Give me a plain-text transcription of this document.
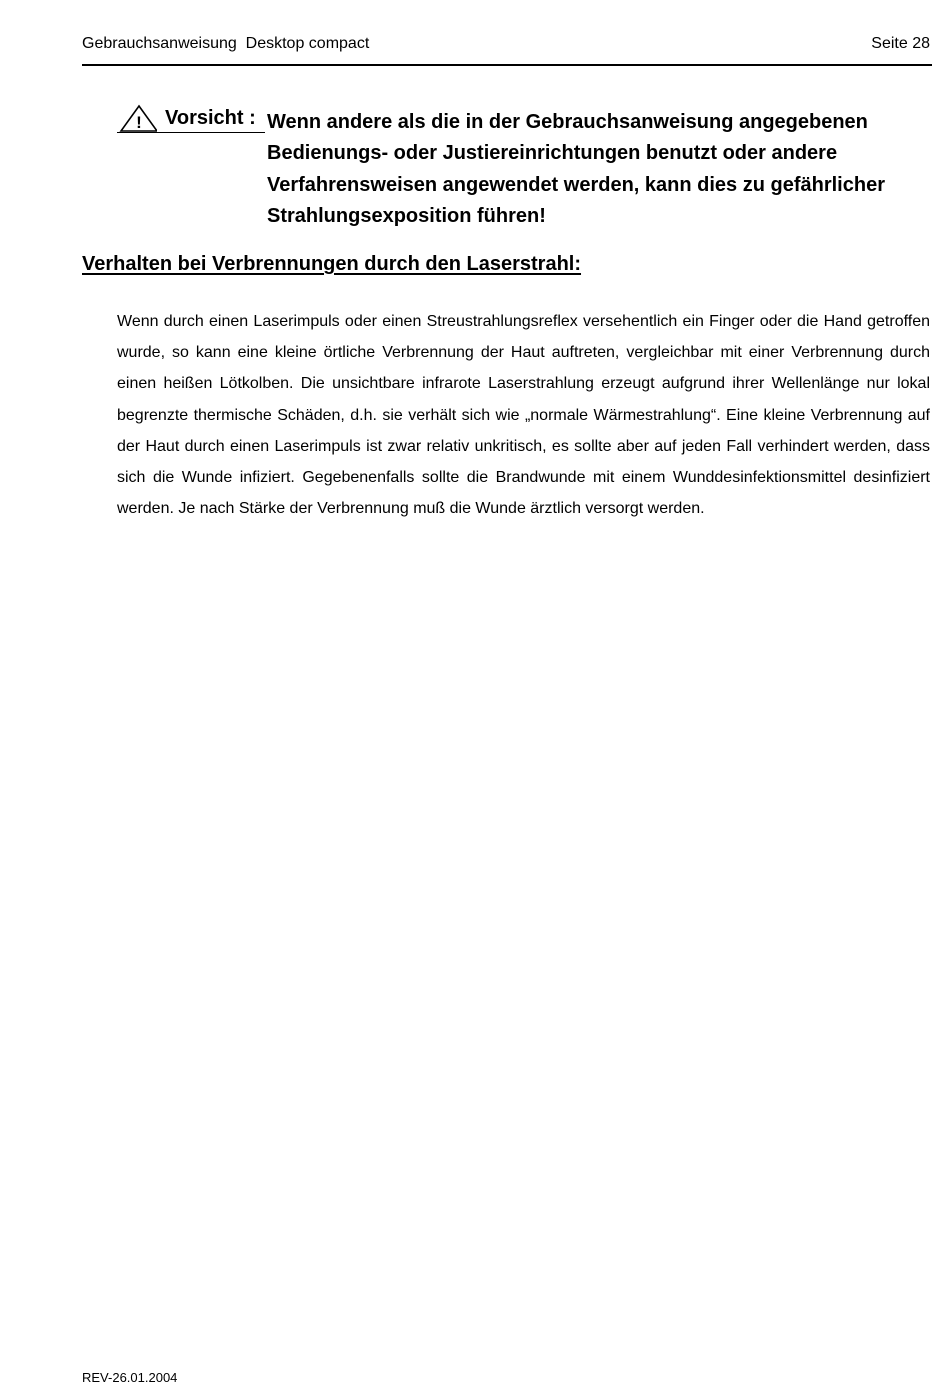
Gebrauchsanweisung  Desktop compact	Seite 28
! Vorsicht : Wenn andere als die in der Gebrauchsanweisung angegebenen Bedienungs- oder Justiereinrichtungen benutzt oder andere Verfahrensweisen angewendet werden, kann dies zu gefährlicher Strahlungsexposition führen!

Verhalten bei Verbrennungen durch den Laserstrahl:

Wenn durch einen Laserimpuls oder einen Streustrahlungsreflex versehentlich ein Finger oder die Hand getroffen wurde, so kann eine kleine örtliche Verbrennung der Haut auftreten, vergleichbar mit einer Verbrennung durch einen heißen Lötkolben. Die unsichtbare infrarote Laserstrahlung erzeugt aufgrund ihrer Wellenlänge nur lokal begrenzte thermische Schäden, d.h. sie verhält sich wie „normale Wärmestrahlung“. Eine kleine Verbrennung auf der Haut durch einen Laserimpuls ist zwar relativ unkritisch, es sollte aber auf jeden Fall verhindert werden, dass sich die Wunde infiziert. Gegebenenfalls sollte die Brandwunde mit einem Wunddesinfektionsmittel desinfiziert werden. Je nach Stärke der Verbrennung muß die Wunde ärztlich versorgt werden.

REV-26.01.2004
